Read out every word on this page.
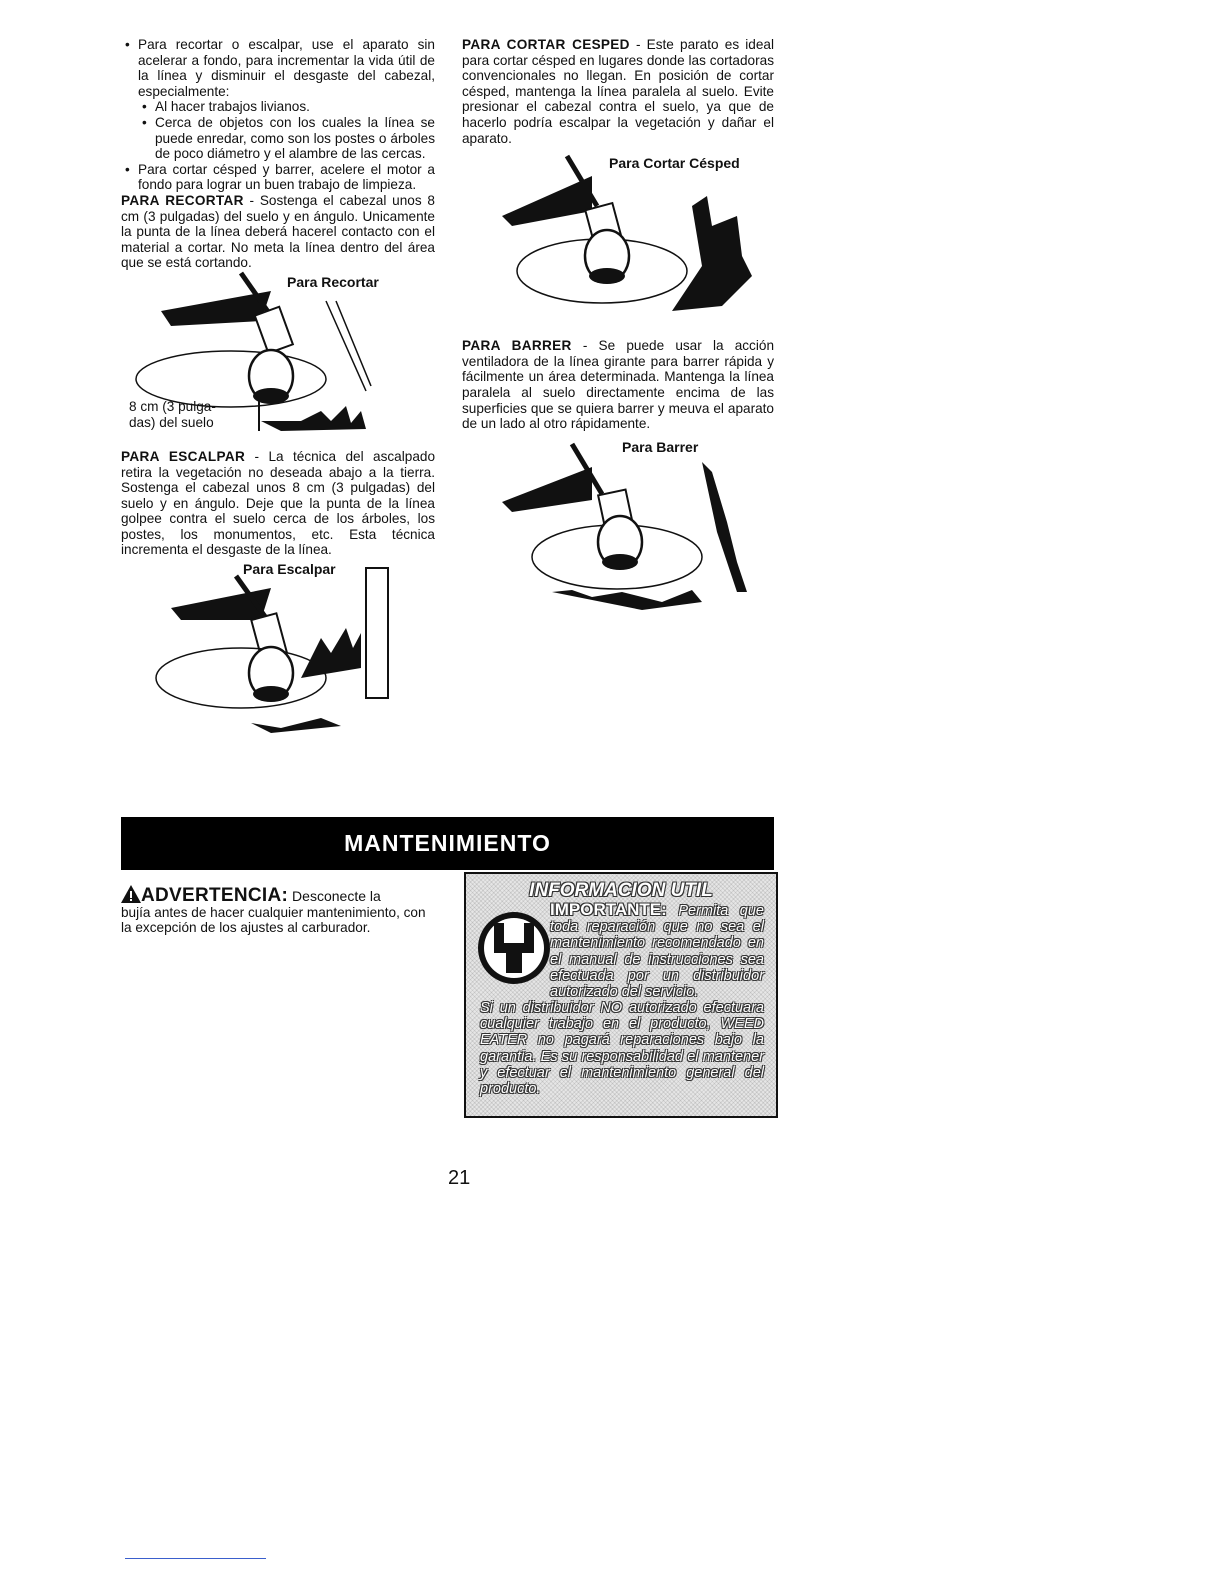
• Para recortar o escalpar, use el aparato sin acelerar a fondo, para incrementar la vida útil de la línea y disminuir el desgaste del cabezal, especialmente:
• Al hacer trabajos livianos.
• Cerca de objetos con los cuales la línea se puede enredar, como son los postes o árboles de poco diámetro y el alambre de las cercas.
• Para cortar césped y barrer, acelere el motor a fondo para lograr un buen trabajo de limpieza.

PARA RECORTAR - Sostenga el cabezal unos 8 cm (3 pulgadas) del suelo y en ángulo. Unicamente la punta de la línea deberá hacerel contacto con el material a cortar. No meta la línea dentro del área que se está cortando.

Para Recortar
8 cm (3 pulga-
das) del suelo

PARA ESCALPAR - La técnica del ascalpado retira la vegetación no deseada abajo a la tierra. Sostenga el cabezal unos 8 cm (3 pulgadas) del suelo y en ángulo. Deje que la punta de la línea golpee contra el suelo cerca de los árboles, los postes, los monumentos, etc. Esta técnica incrementa el desgaste de la línea.

Para Escalpar

PARA CORTAR CESPED - Este parato es ideal para cortar césped en lugares donde las cortadoras convencionales no llegan. En posición de cortar césped, mantenga la línea paralela al suelo. Evite presionar el cabezal contra el suelo, ya que de hacerlo podría escalpar la vegetación y dañar el aparato.

Para Cortar Césped

PARA BARRER - Se puede usar la acción ventiladora de la línea girante para barrer rápida y fácilmente un área determinada. Mantenga la línea paralela al suelo directamente encima de las superficies que se quiera barrer y meuva el aparato de un lado al otro rápidamente.

Para Barrer
MANTENIMIENTO
ADVERTENCIA: Desconecte la
bujía antes de hacer cualquier mantenimiento, con la excepción de los ajustes al carburador.
INFORMACION UTIL
IMPORTANTE: Permita que toda reparación que no sea el mantenimiento recomendado en el manual de instrucciones sea efectuada por un distribuidor autorizado del servicio.
Si un distribuidor NO autorizado efectuara cualquier trabajo en el producto, WEED EATER no pagará reparaciones bajo la garantia. Es su responsabilidad el mantener y efectuar el mantenimiento general del producto.
21
